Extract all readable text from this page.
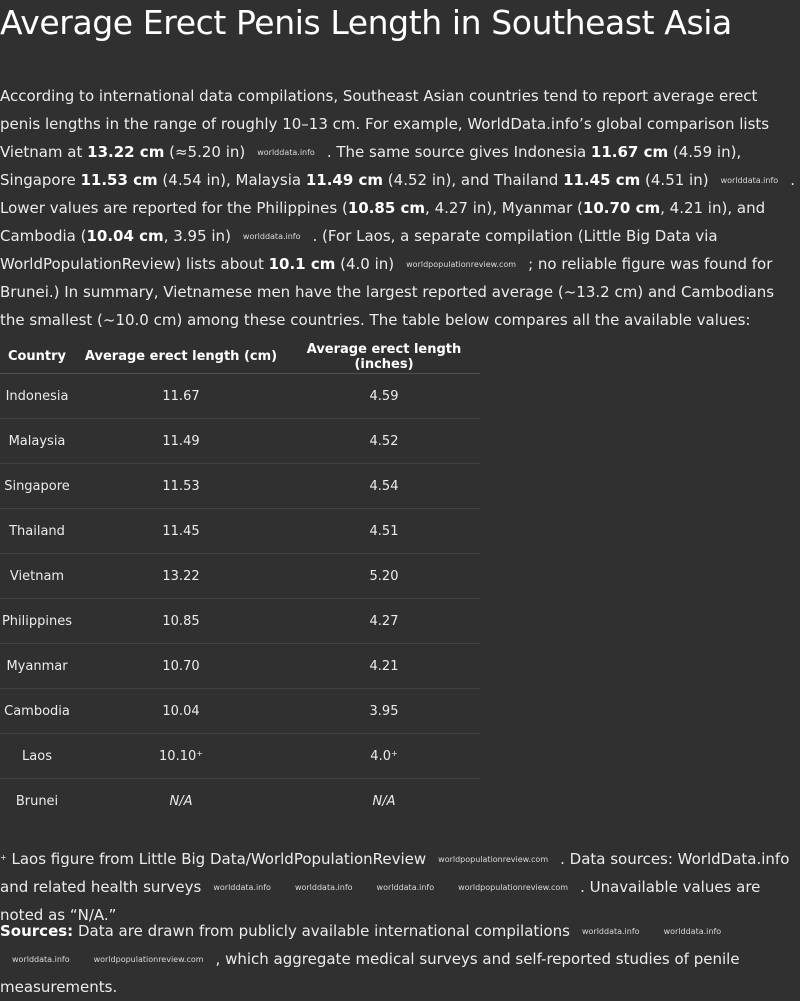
Average Erect Penis Length in Southeast Asia

According to international data compilations, Southeast Asian countries tend to report average erect penis lengths in the range of roughly 10–13 cm. For example, WorldData.info’s global comparison lists Vietnam at 13.22 cm (≈5.20 in) worlddata.info . The same source gives Indonesia 11.67 cm (4.59 in), Singapore 11.53 cm (4.54 in), Malaysia 11.49 cm (4.52 in), and Thailand 11.45 cm (4.51 in) worlddata.info . Lower values are reported for the Philippines (10.85 cm, 4.27 in), Myanmar (10.70 cm, 4.21 in), and Cambodia (10.04 cm, 3.95 in) worlddata.info . (For Laos, a separate compilation (Little Big Data via WorldPopulationReview) lists about 10.1 cm (4.0 in) worldpopulationreview.com ; no reliable figure was found for Brunei.) In summary, Vietnamese men have the largest reported average (~13.2 cm) and Cambodians the smallest (~10.0 cm) among these countries. The table below compares all the available values:

Country	Average erect length (cm)	Average erect length (inches)
Indonesia	11.67	4.59
Malaysia	11.49	4.52
Singapore	11.53	4.54
Thailand	11.45	4.51
Vietnam	13.22	5.20
Philippines	10.85	4.27
Myanmar	10.70	4.21
Cambodia	10.04	3.95
Laos	10.10+	4.0+
Brunei	N/A	N/A

+ Laos figure from Little Big Data/WorldPopulationReview worldpopulationreview.com . Data sources: WorldData.info and related health surveys worlddata.info	worlddata.info	worlddata.info	worldpopulationreview.com . Unavailable values are noted as “N/A.”

Sources: Data are drawn from publicly available international compilations worlddata.info	worlddata.infoworlddata.info	worldpopulationreview.com , which aggregate medical surveys and self-reported studies of penile measurements.
